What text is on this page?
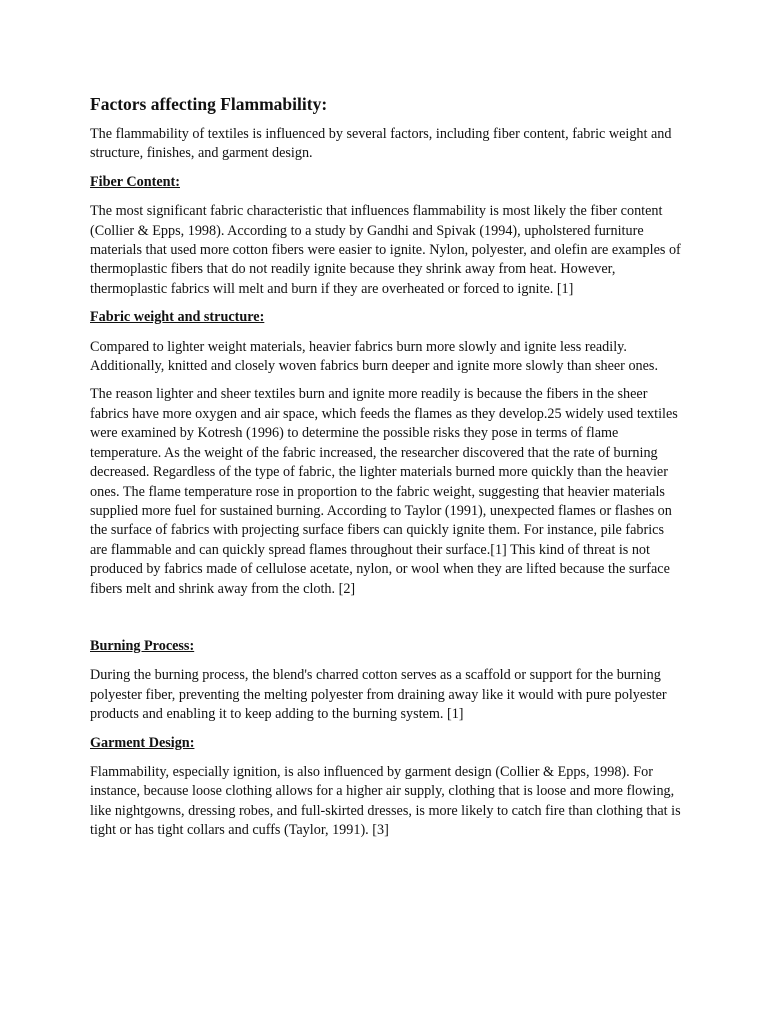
Factors affecting Flammability:

The flammability of textiles is influenced by several factors, including fiber content, fabric weight and structure, finishes, and garment design.

Fiber Content:

The most significant fabric characteristic that influences flammability is most likely the fiber content (Collier & Epps, 1998). According to a study by Gandhi and Spivak (1994), upholstered furniture materials that used more cotton fibers were easier to ignite. Nylon, polyester, and olefin are examples of thermoplastic fibers that do not readily ignite because they shrink away from heat. However, thermoplastic fabrics will melt and burn if they are overheated or forced to ignite. [1]

Fabric weight and structure:

Compared to lighter weight materials, heavier fabrics burn more slowly and ignite less readily. Additionally, knitted and closely woven fabrics burn deeper and ignite more slowly than sheer ones.

The reason lighter and sheer textiles burn and ignite more readily is because the fibers in the sheer fabrics have more oxygen and air space, which feeds the flames as they develop.25 widely used textiles were examined by Kotresh (1996) to determine the possible risks they pose in terms of flame temperature. As the weight of the fabric increased, the researcher discovered that the rate of burning decreased. Regardless of the type of fabric, the lighter materials burned more quickly than the heavier ones. The flame temperature rose in proportion to the fabric weight, suggesting that heavier materials supplied more fuel for sustained burning. According to Taylor (1991), unexpected flames or flashes on the surface of fabrics with projecting surface fibers can quickly ignite them. For instance, pile fabrics are flammable and can quickly spread flames throughout their surface.[1] This kind of threat is not produced by fabrics made of cellulose acetate, nylon, or wool when they are lifted because the surface fibers melt and shrink away from the cloth. [2]

Burning Process:

During the burning process, the blend's charred cotton serves as a scaffold or support for the burning polyester fiber, preventing the melting polyester from draining away like it would with pure polyester products and enabling it to keep adding to the burning system. [1]

Garment Design:

Flammability, especially ignition, is also influenced by garment design (Collier & Epps, 1998). For instance, because loose clothing allows for a higher air supply, clothing that is loose and more flowing, like nightgowns, dressing robes, and full-skirted dresses, is more likely to catch fire than clothing that is tight or has tight collars and cuffs (Taylor, 1991). [3]
